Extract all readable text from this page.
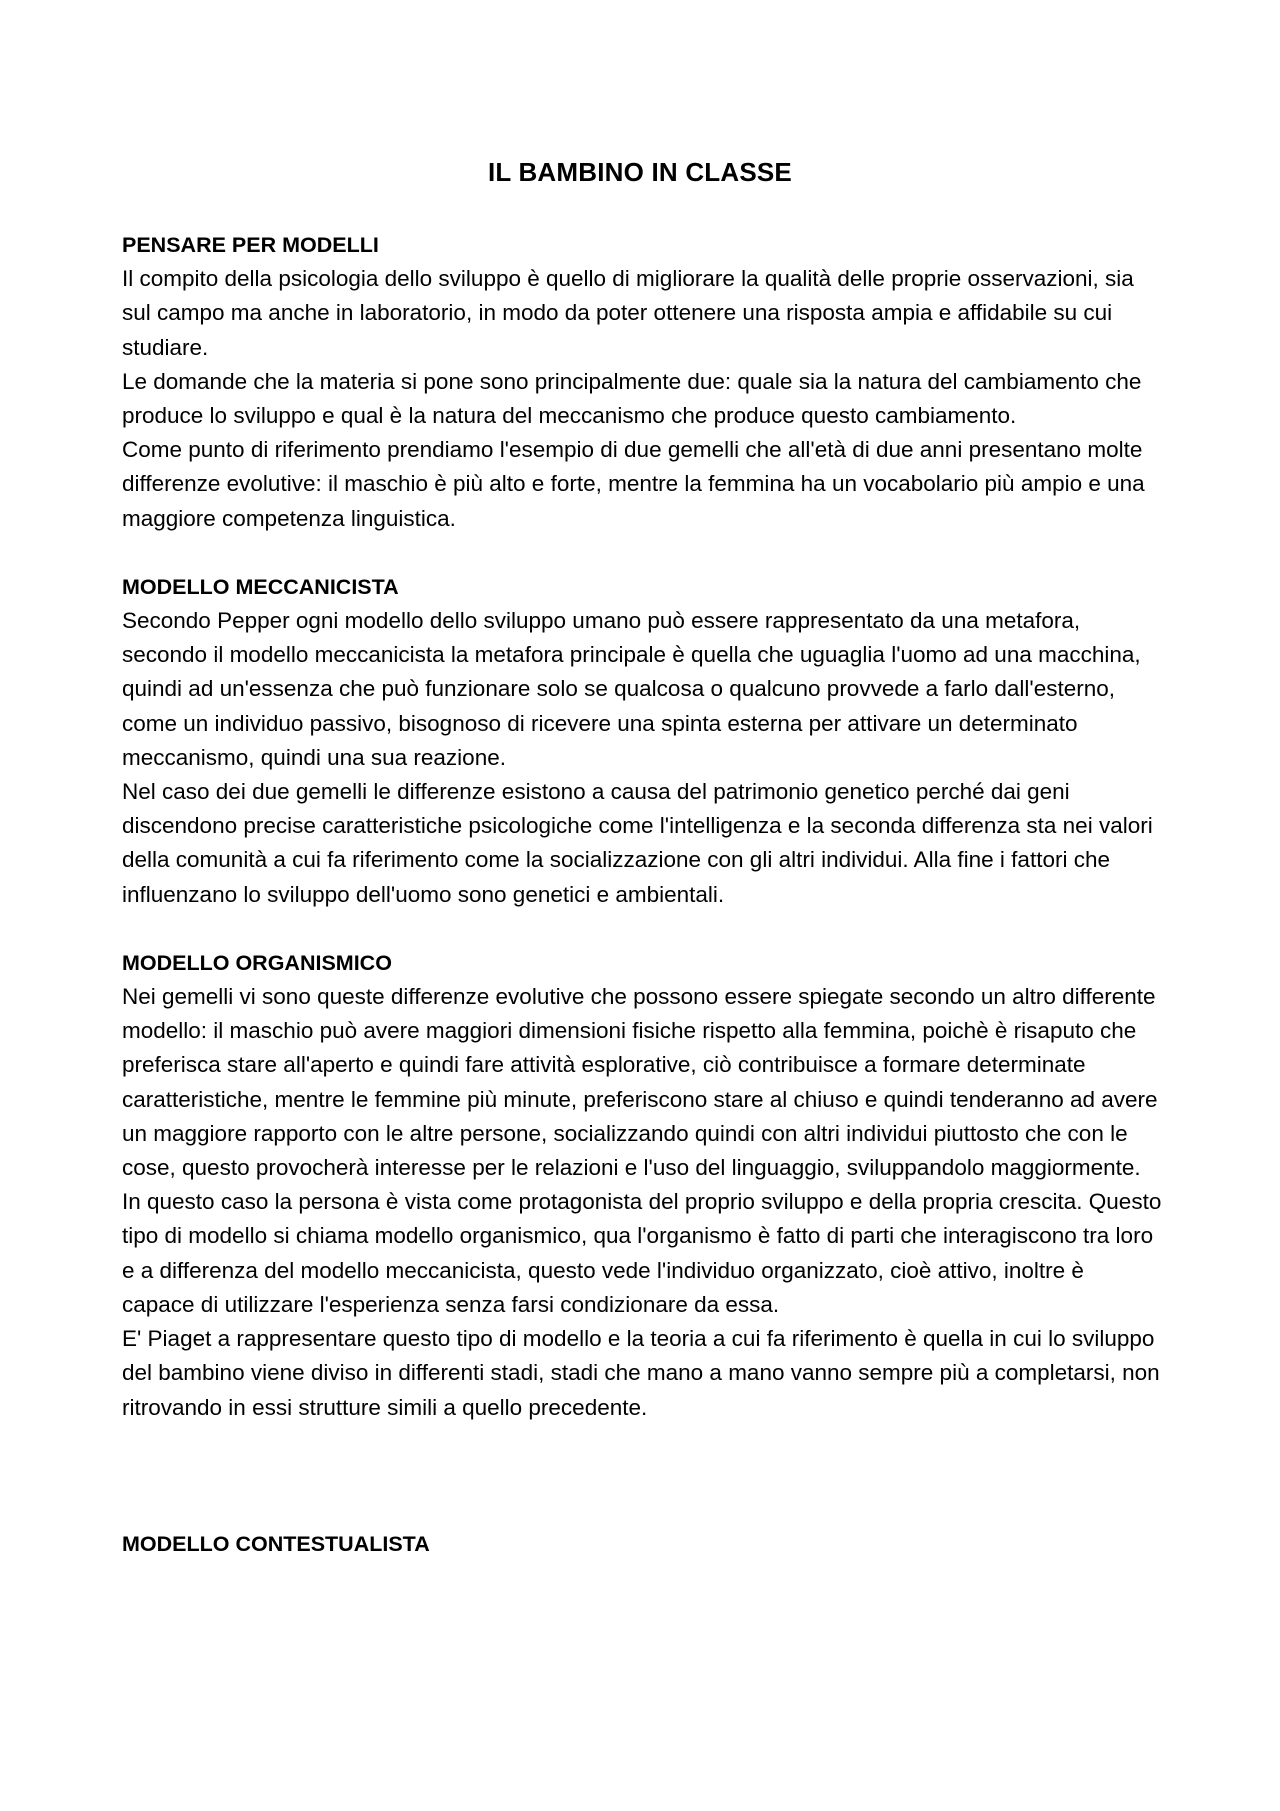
IL BAMBINO IN CLASSE

PENSARE PER MODELLI

Il compito della psicologia dello sviluppo è quello di migliorare la qualità delle proprie osservazioni, sia sul campo ma anche in laboratorio, in modo da poter ottenere una risposta ampia e affidabile su cui studiare.

Le domande che la materia si pone sono principalmente due: quale sia la natura del cambiamento che produce lo sviluppo e qual è la natura del meccanismo che produce questo cambiamento.

Come punto di riferimento prendiamo l'esempio di due gemelli che all'età di due anni presentano molte differenze evolutive: il maschio è più alto e forte, mentre la femmina ha un vocabolario più ampio e una maggiore competenza linguistica.

MODELLO MECCANICISTA

Secondo Pepper ogni modello dello sviluppo umano può essere rappresentato da una metafora, secondo il modello meccanicista la metafora principale è quella che uguaglia l'uomo ad una macchina, quindi ad un'essenza che può funzionare solo se qualcosa o qualcuno provvede a farlo dall'esterno, come un individuo passivo, bisognoso di ricevere una spinta esterna per attivare un determinato meccanismo, quindi una sua reazione.

Nel caso dei due gemelli le differenze esistono a causa del patrimonio genetico perché dai geni discendono precise caratteristiche psicologiche come l'intelligenza e la seconda differenza sta nei valori della comunità a cui fa riferimento come la socializzazione con gli altri individui. Alla fine i fattori che influenzano lo sviluppo dell'uomo sono genetici e ambientali.

MODELLO ORGANISMICO

Nei gemelli vi sono queste differenze evolutive che possono essere spiegate secondo un altro differente modello: il maschio può avere maggiori dimensioni fisiche rispetto alla femmina, poichè è risaputo che preferisca stare all'aperto e quindi fare attività esplorative, ciò contribuisce a formare determinate caratteristiche, mentre le femmine più minute, preferiscono stare al chiuso e quindi tenderanno ad avere un maggiore rapporto con le altre persone, socializzando quindi con altri individui piuttosto che con le cose, questo provocherà interesse per le relazioni e l'uso del linguaggio, sviluppandolo maggiormente. In questo caso la persona è vista come protagonista del proprio sviluppo e della propria crescita. Questo tipo di modello si chiama modello organismico, qua l'organismo è fatto di parti che interagiscono tra loro e a differenza del modello meccanicista, questo vede l'individuo organizzato, cioè attivo, inoltre è capace di utilizzare l'esperienza senza farsi condizionare da essa.

E' Piaget a rappresentare questo tipo di modello e la teoria a cui fa riferimento è quella in cui lo sviluppo del bambino viene diviso in differenti stadi, stadi che mano a mano vanno sempre più a completarsi, non ritrovando in essi strutture simili a quello precedente.

MODELLO CONTESTUALISTA
